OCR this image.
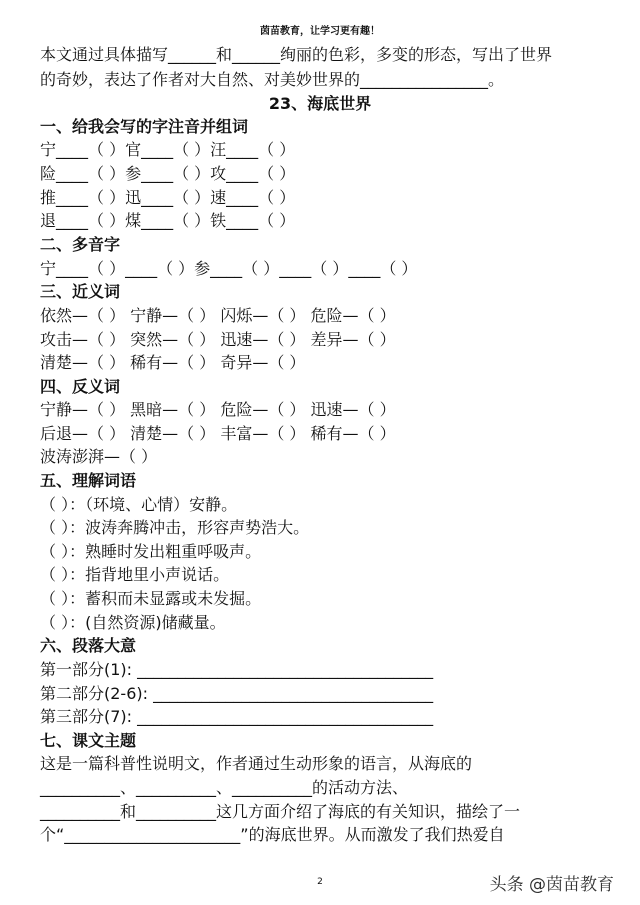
茵苗教育，让学习更有趣！
本文通过具体描写______和______绚丽的色彩，多变的形态，写出了世界
的奇妙，表达了作者对大自然、对美妙世界的________________。
23、海底世界
一、给我会写的字注音并组词
宁____（ ）官____（ ）汪____（ ）
险____（ ）参____（ ）攻____（ ）
推____（ ）迅____（ ）速____（ ）
退____（ ）煤____（ ）铁____（ ）
二、多音字
宁____（ ）____（ ）参____（ ）____（ ）____（ ）
三、近义词
依然—（ ） 宁静—（ ） 闪烁—（ ） 危险—（ ）
攻击—（ ） 突然—（ ） 迅速—（ ） 差异—（ ）
清楚—（ ） 稀有—（ ） 奇异—（ ）
四、反义词
宁静—（ ） 黑暗—（ ） 危险—（ ） 迅速—（ ）
后退—（ ） 清楚—（ ） 丰富—（ ） 稀有—（ ）
波涛澎湃—（ ）
五、理解词语
（ ）：（环境、心情）安静。
（ ）：波涛奔腾冲击，形容声势浩大。
（ ）：熟睡时发出粗重呼吸声。
（ ）：指背地里小声说话。
（ ）：蓄积而未显露或未发掘。
（ ）：(自然资源)储藏量。
六、段落大意
第一部分(1): _____________________________________
第二部分(2-6): ___________________________________
第三部分(7): _____________________________________
七、课文主题
这是一篇科普性说明文，作者通过生动形象的语言，从海底的
__________、__________、__________的活动方法、
__________和__________这几方面介绍了海底的有关知识，描绘了一
个“______________________”的海底世界。从而激发了我们热爱自
2	头条 @茵苗教育
